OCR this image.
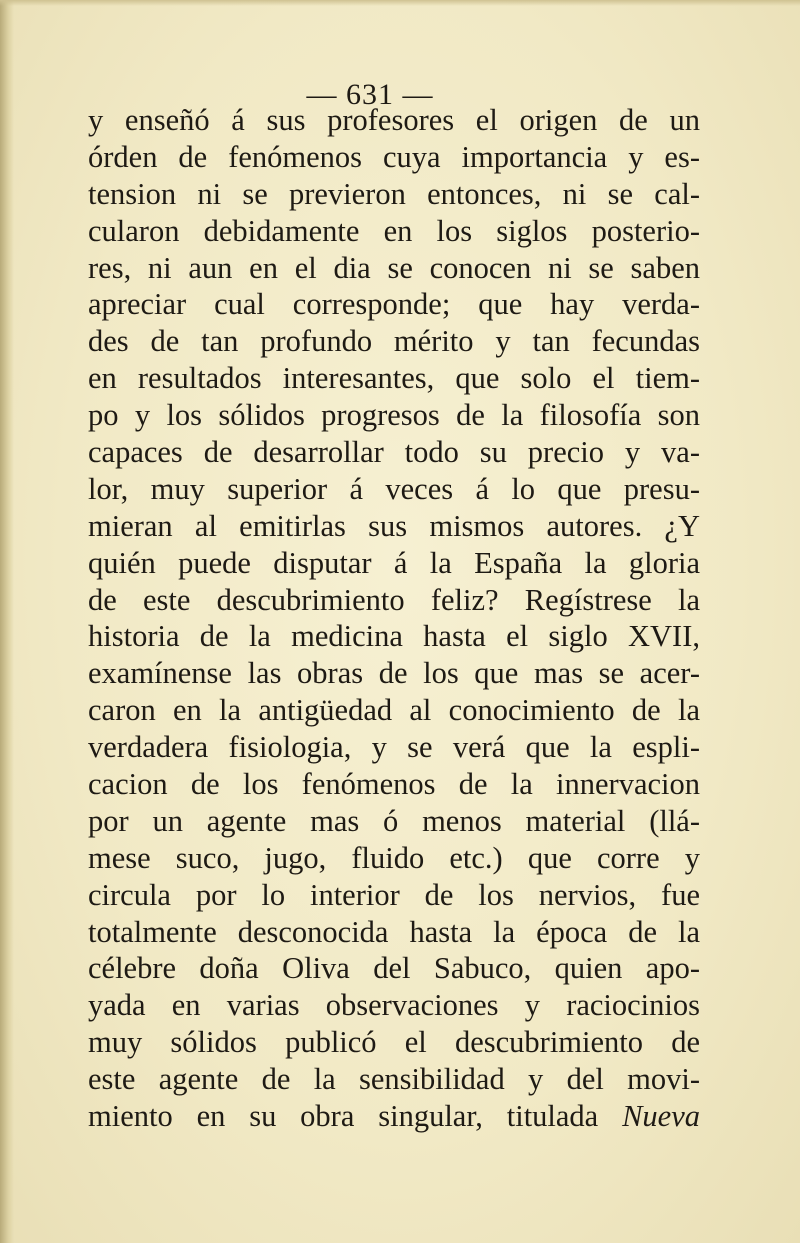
— 631 —
y enseñó á sus profesores el origen de un
órden de fenómenos cuya importancia y es-
tension ni se previeron entonces, ni se cal-
cularon debidamente en los siglos posterio-
res, ni aun en el dia se conocen ni se saben
apreciar cual corresponde; que hay verda-
des de tan profundo mérito y tan fecundas
en resultados interesantes, que solo el tiem-
po y los sólidos progresos de la filosofía son
capaces de desarrollar todo su precio y va-
lor, muy superior á veces á lo que presu-
mieran al emitirlas sus mismos autores. ¿Y
quién puede disputar á la España la gloria
de este descubrimiento feliz? Regístrese la
historia de la medicina hasta el siglo XVII,
examínense las obras de los que mas se acer-
caron en la antigüedad al conocimiento de la
verdadera fisiologia, y se verá que la espli-
cacion de los fenómenos de la innervacion
por un agente mas ó menos material (llá-
mese suco, jugo, fluido etc.) que corre y
circula por lo interior de los nervios, fue
totalmente desconocida hasta la época de la
célebre doña Oliva del Sabuco, quien apo-
yada en varias observaciones y raciocinios
muy sólidos publicó el descubrimiento de
este agente de la sensibilidad y del movi-
miento en su obra singular, titulada Nueva
